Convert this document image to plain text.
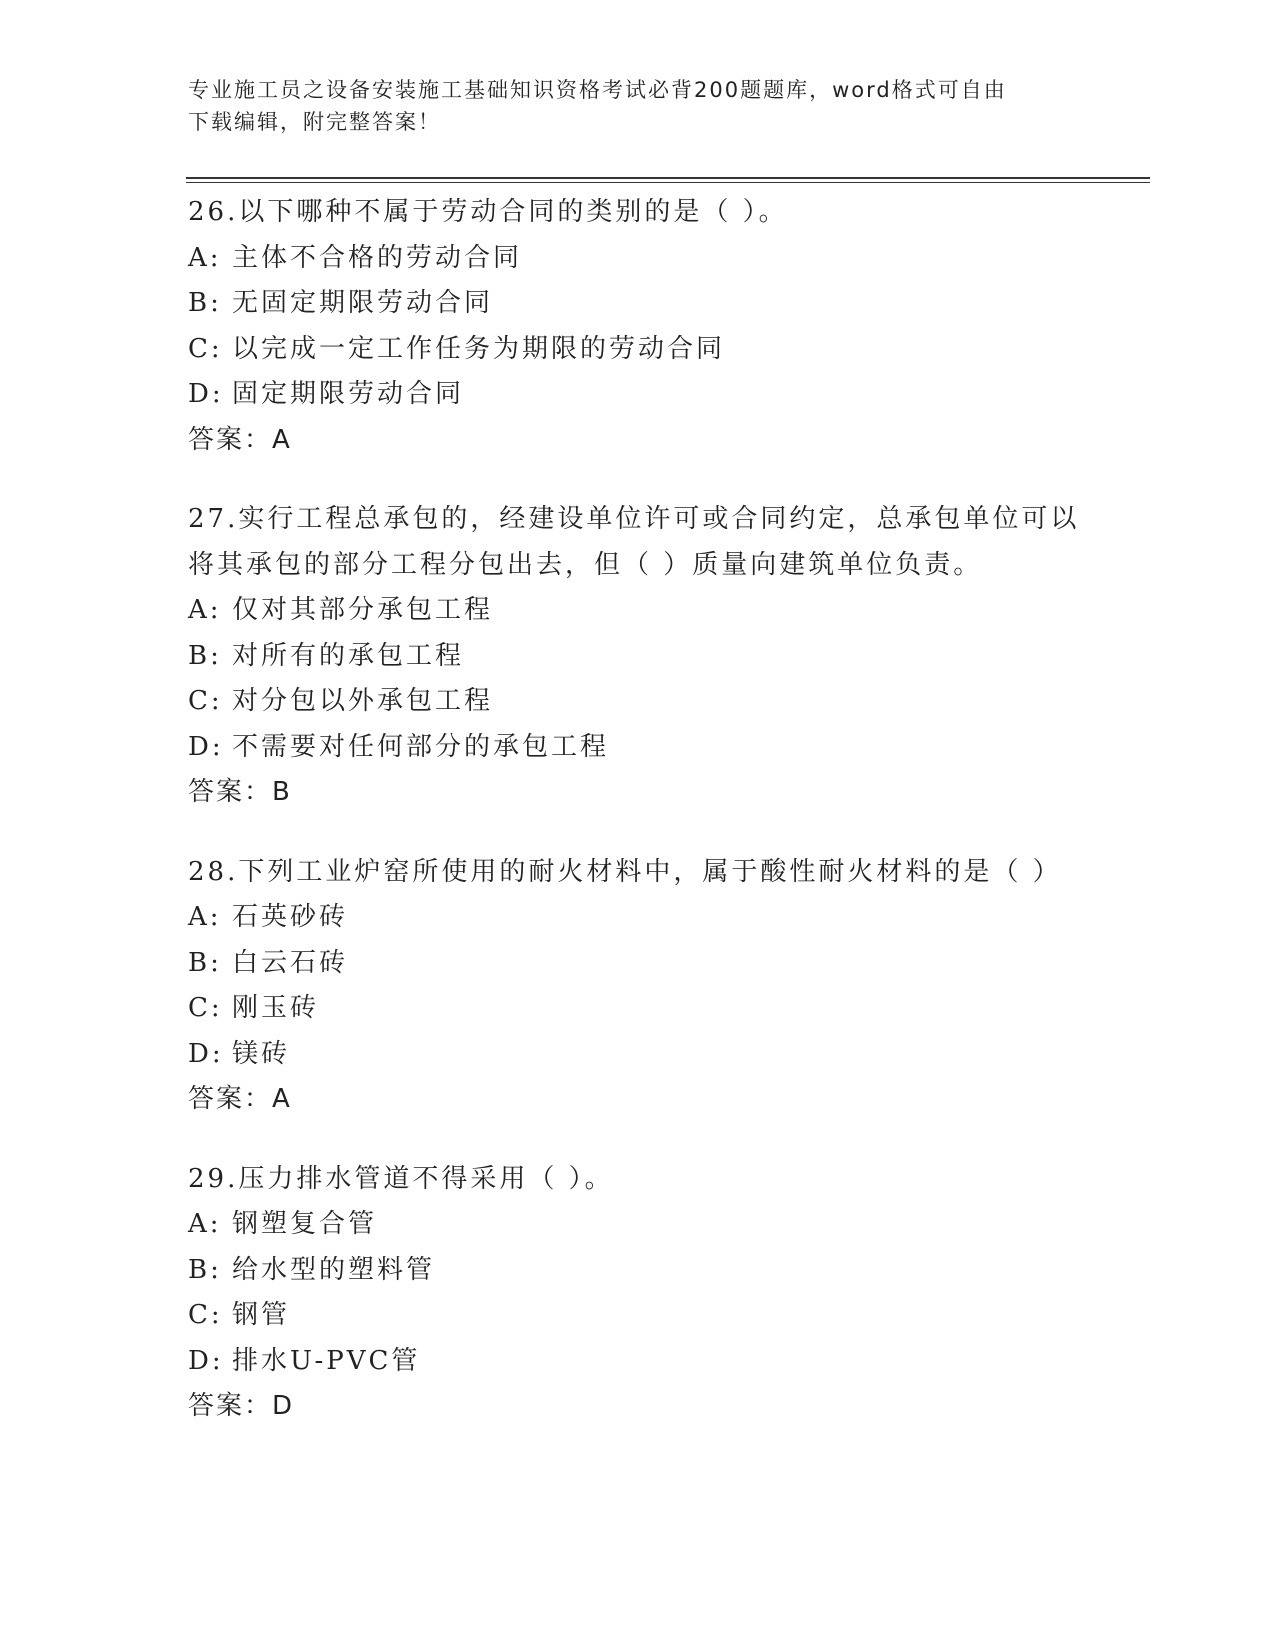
专业施工员之设备安装施工基础知识资格考试必背200题题库，word格式可自由
下载编辑，附完整答案！
26.以下哪种不属于劳动合同的类别的是（ ）。
A: 主体不合格的劳动合同
B: 无固定期限劳动合同
C: 以完成一定工作任务为期限的劳动合同
D: 固定期限劳动合同
答案：A
27.实行工程总承包的，经建设单位许可或合同约定，总承包单位可以
将其承包的部分工程分包出去，但（ ）质量向建筑单位负责。
A: 仅对其部分承包工程
B: 对所有的承包工程
C: 对分包以外承包工程
D: 不需要对任何部分的承包工程
答案：B
28.下列工业炉窑所使用的耐火材料中，属于酸性耐火材料的是（ ）
A: 石英砂砖
B: 白云石砖
C: 刚玉砖
D: 镁砖
答案：A
29.压力排水管道不得采用（ ）。
A: 钢塑复合管
B: 给水型的塑料管
C: 钢管
D: 排水U-PVC管
答案：D
